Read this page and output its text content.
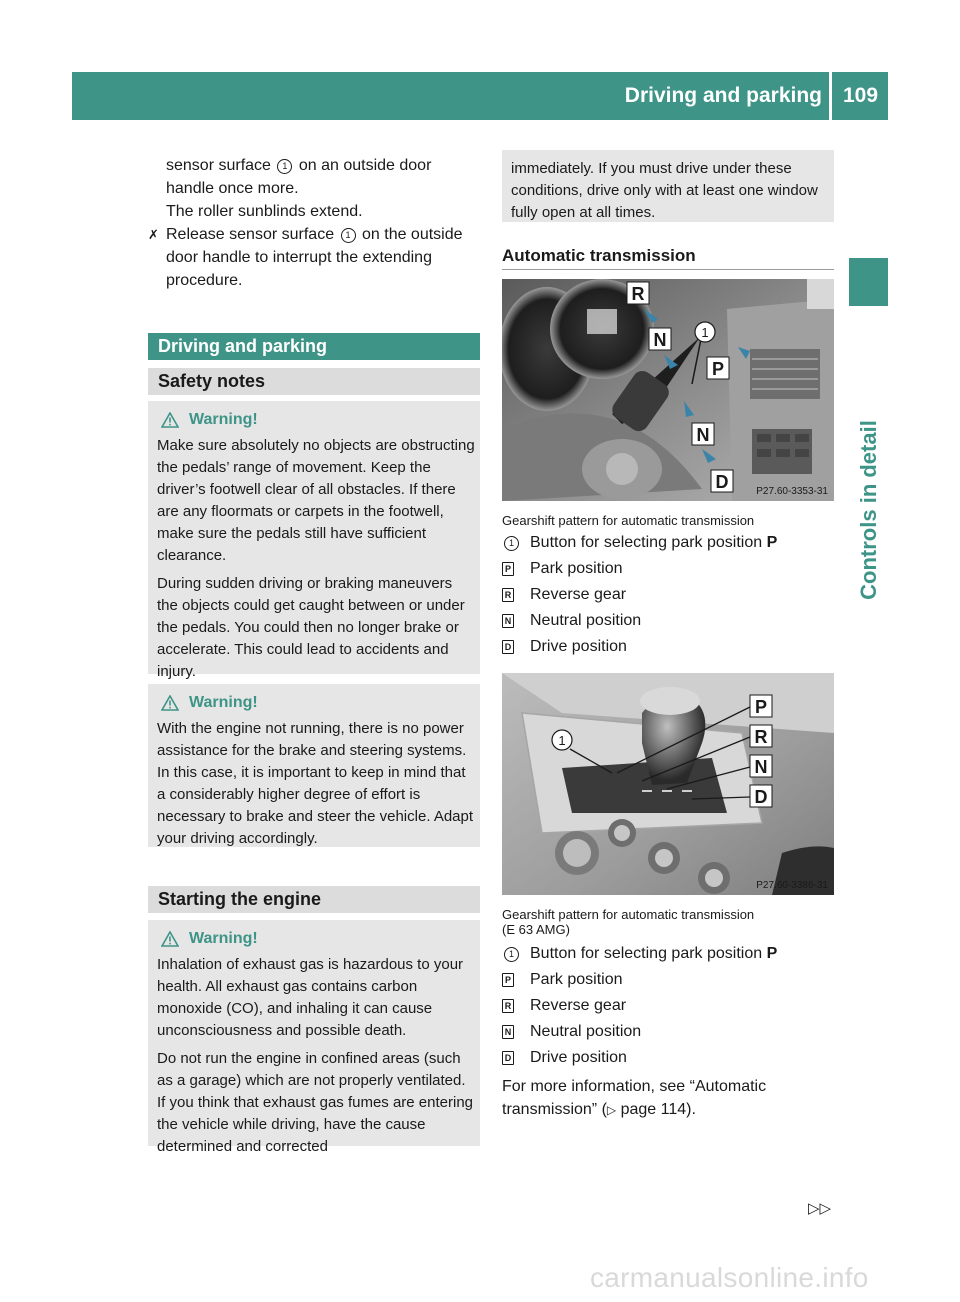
Driving and parking 109
Controls in detail
sensor surface 1 on an outside door
handle once more.
The roller sunblinds extend.
✗ Release sensor surface 1 on the outside
door handle to interrupt the extending
procedure.
Driving and parking
Safety notes
Warning!

Make sure absolutely no objects are obstructing the pedals’ range of movement. Keep the driver’s footwell clear of all obstacles. If there are any floormats or carpets in the footwell, make sure the pedals still have sufficient clearance.

During sudden driving or braking maneuvers the objects could get caught between or under the pedals. You could then no longer brake or accelerate. This could lead to accidents and injury.

Warning!

With the engine not running, there is no power assistance for the brake and steering systems. In this case, it is important to keep in mind that a considerably higher degree of effort is necessary to brake and steer the vehicle. Adapt your driving accordingly.

Starting the engine
Warning!

Inhalation of exhaust gas is hazardous to your health. All exhaust gas contains carbon monoxide (CO), and inhaling it can cause unconsciousness and possible death.

Do not run the engine in confined areas (such as a garage) which are not properly ventilated. If you think that exhaust gas fumes are entering the vehicle while driving, have the cause determined and corrected

immediately. If you must drive under these conditions, drive only with at least one window fully open at all times.

Automatic transmission
R
N
P
N
D
1
P27.60-3353-31
Gearshift pattern for automatic transmission
1	Button for selecting park position
P
P Park position
R Reverse gear
N Neutral position
D Drive position
P
R
N
D
1
P27.60-3386-31
Gearshift pattern for automatic transmission
(E 63 AMG)
1	Button for selecting park position
P
P Park position
R Reverse gear
N Neutral position
D Drive position
For more information, see “Automatic
transmission” (▷ page 114).
▷▷
carmanualsonline.info
